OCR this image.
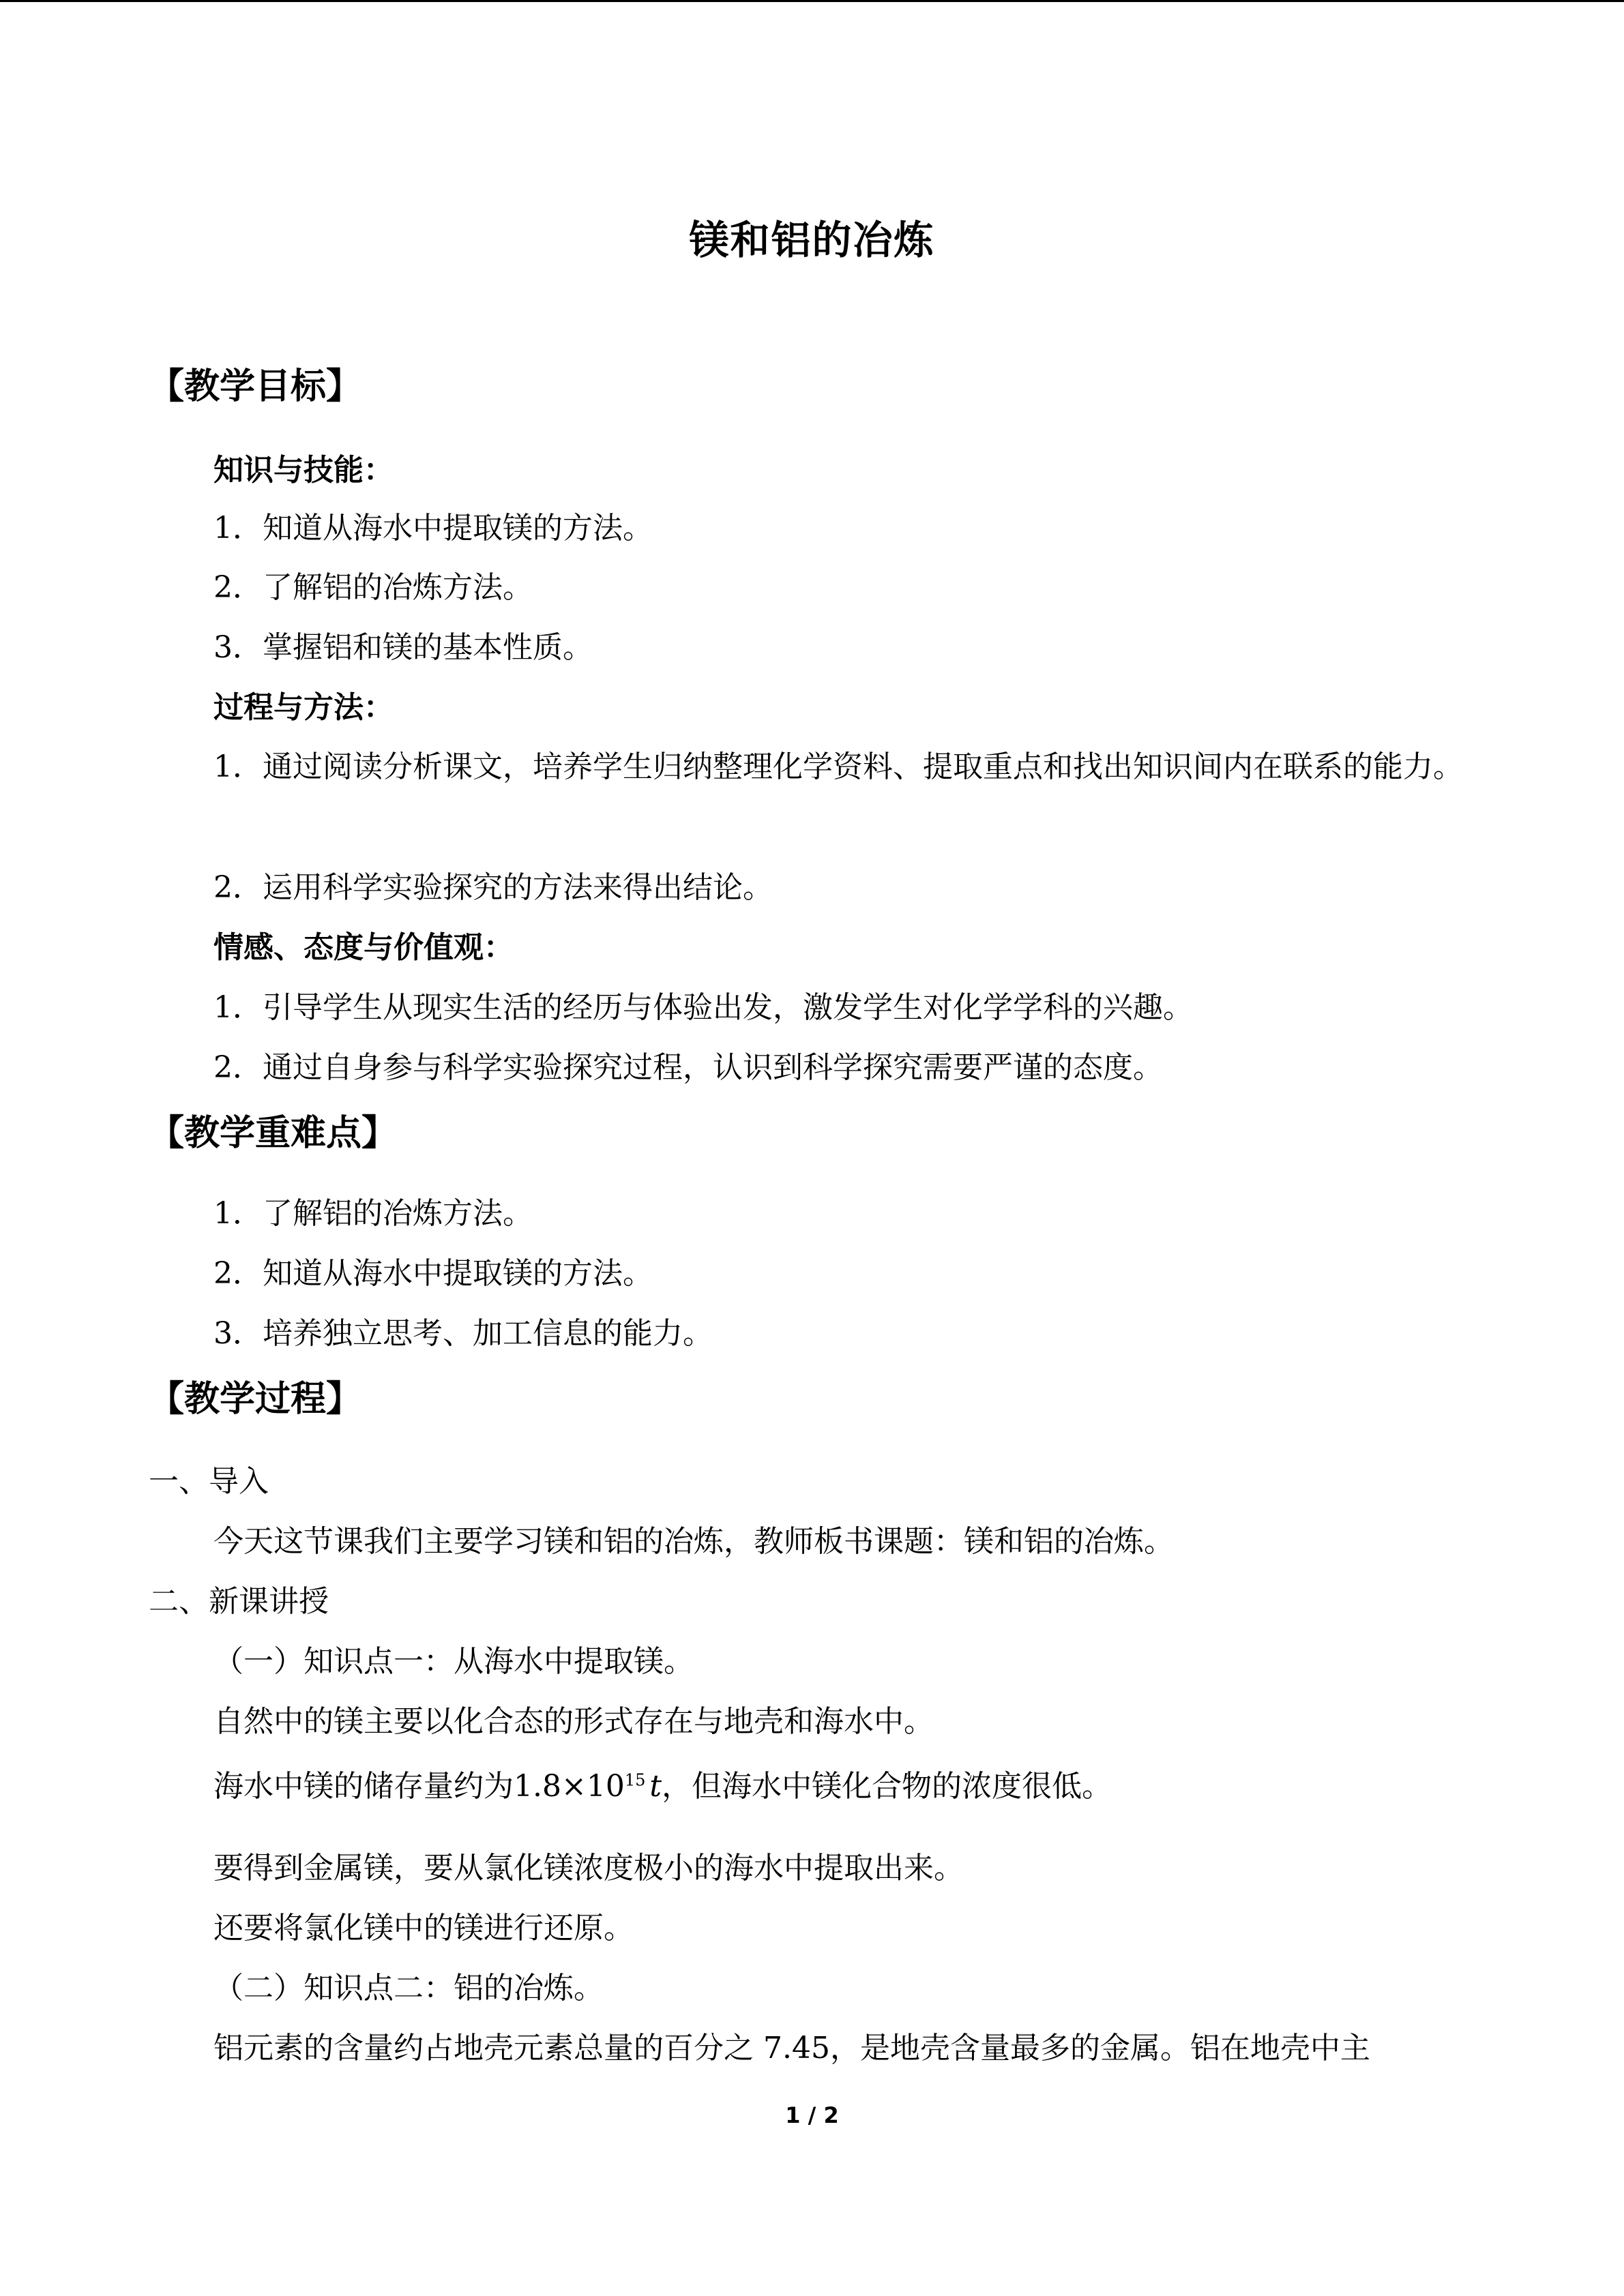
镁和铝的冶炼
【教学目标】
知识与技能：
1．知道从海水中提取镁的方法。
2．了解铝的冶炼方法。
3．掌握铝和镁的基本性质。
过程与方法：
1．通过阅读分析课文，培养学生归纳整理化学资料、提取重点和找出知识间内在联系的能力。
2．运用科学实验探究的方法来得出结论。
情感、态度与价值观：
1．引导学生从现实生活的经历与体验出发，激发学生对化学学科的兴趣。
2．通过自身参与科学实验探究过程，认识到科学探究需要严谨的态度。
【教学重难点】
1．了解铝的冶炼方法。
2．知道从海水中提取镁的方法。
3．培养独立思考、加工信息的能力。
【教学过程】
一、导入
今天这节课我们主要学习镁和铝的冶炼，教师板书课题：镁和铝的冶炼。
二、新课讲授
（一）知识点一：从海水中提取镁。
自然中的镁主要以化合态的形式存在与地壳和海水中。
海水中镁的储存量约为$1.8\times 10^{15}$ t，但海水中镁化合物的浓度很低。
要得到金属镁，要从氯化镁浓度极小的海水中提取出来。
还要将氯化镁中的镁进行还原。
（二）知识点二：铝的冶炼。
铝元素的含量约占地壳元素总量的百分之 7.45，是地壳含量最多的金属。铝在地壳中主
1 / 2
